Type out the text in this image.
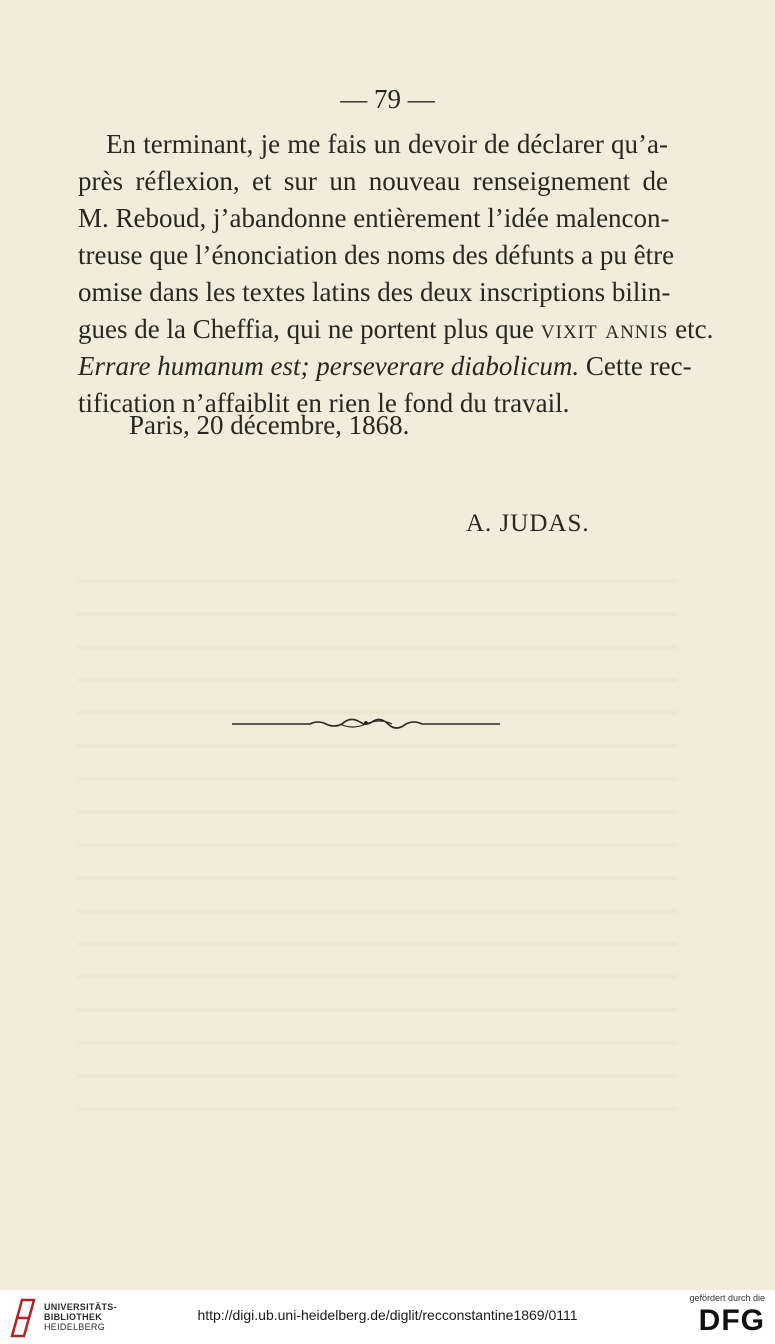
— 79 —
En terminant, je me fais un devoir de déclarer qu’a-
près réflexion, et sur un nouveau renseignement de
M. Reboud, j’abandonne entièrement l’idée malencon-
treuse que l’énonciation des noms des défunts a pu être
omise dans les textes latins des deux inscriptions bilin-
gues de la Cheffia, qui ne portent plus que vixit annis etc.
Errare humanum est; perseverare diabolicum. Cette rec-
tification n’affaiblit en rien le fond du travail.
Paris, 20 décembre, 1868.
A. JUDAS.
UNIVERSITÄTS-
BIBLIOTHEK
HEIDELBERG
http://digi.ub.uni-heidelberg.de/diglit/recconstantine1869/0111
gefördert durch die
DFG
